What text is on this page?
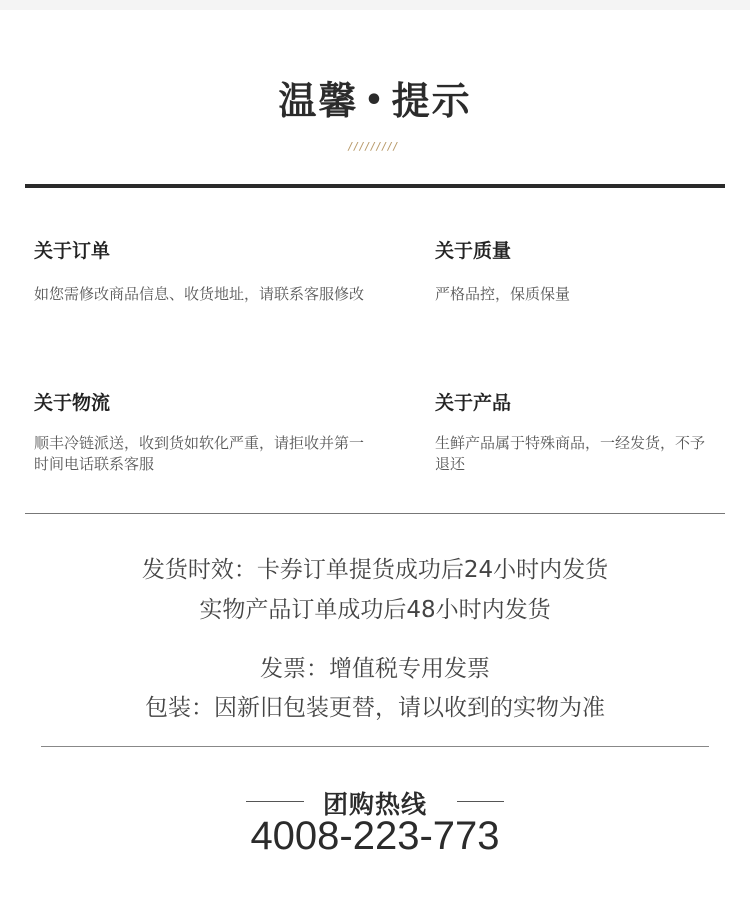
温馨 • 提示
/////////
关于订单
如您需修改商品信息、收货地址，请联系客服修改
关于质量
严格品控，保质保量
关于物流
顺丰冷链派送，收到货如软化严重，请拒收并第一时间电话联系客服
关于产品
生鲜产品属于特殊商品，一经发货，不予退还
发货时效：卡券订单提货成功后24小时内发货
实物产品订单成功后48小时内发货
发票：增值税专用发票
包装：因新旧包装更替，请以收到的实物为准
团购热线
4008-223-773
